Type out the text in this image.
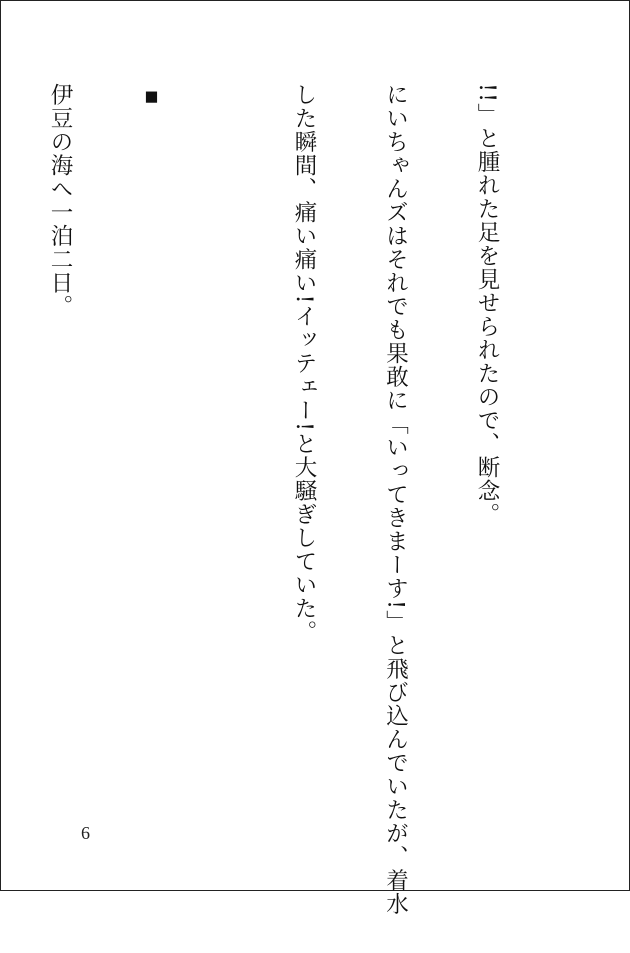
!!」と腫れた足を見せられたので、断念。

にいちゃんズはそれでも果敢に「いってきまーす!」と飛び込んでいたが、着水

した瞬間、痛い痛い!イッテェー!と大騒ぎしていた。

▪

伊豆の海へ一泊二日。

6
